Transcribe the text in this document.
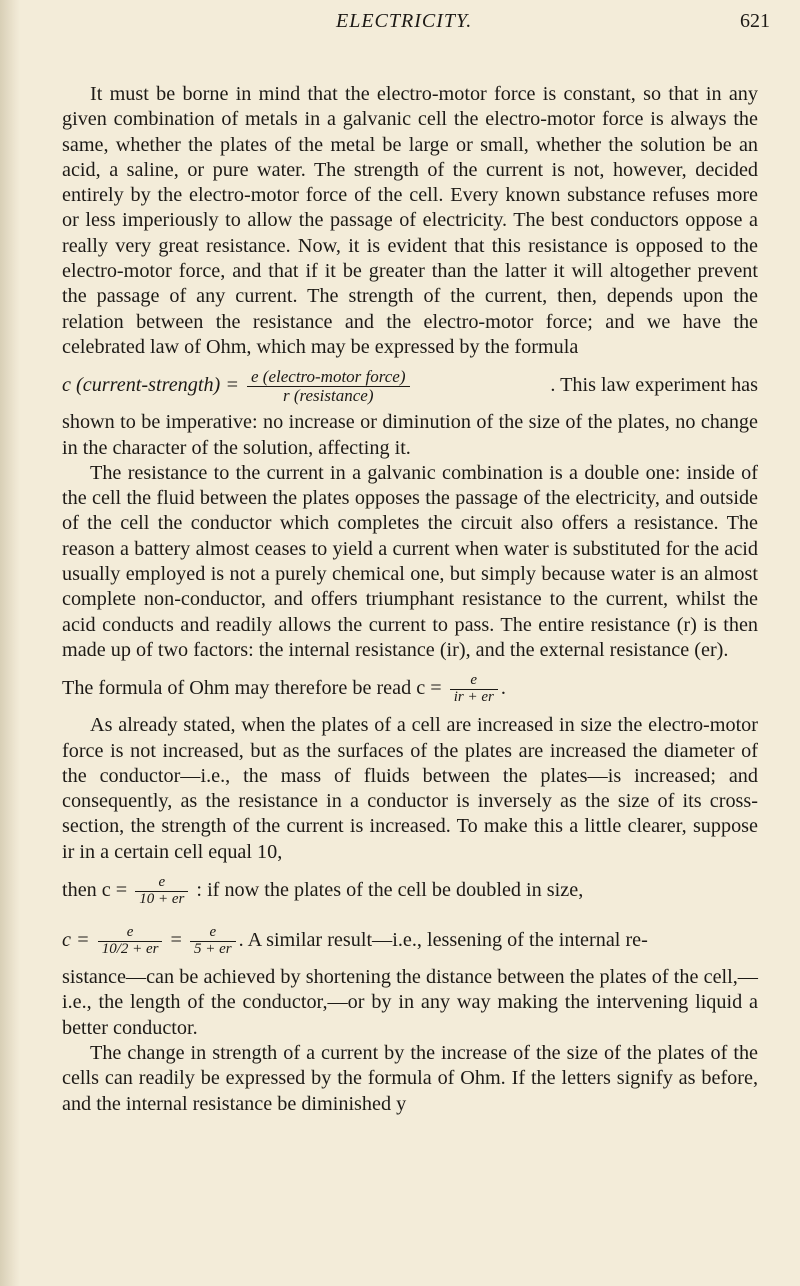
ELECTRICITY.	621

It must be borne in mind that the electro-motor force is constant, so that in any given combination of metals in a galvanic cell the electro-motor force is always the same, whether the plates of the metal be large or small, whether the solution be an acid, a saline, or pure water. The strength of the current is not, however, decided entirely by the electro-motor force of the cell. Every known substance refuses more or less imperiously to allow the passage of electricity. The best conductors oppose a really very great resistance. Now, it is evident that this resistance is opposed to the electro-motor force, and that if it be greater than the latter it will altogether prevent the passage of any current. The strength of the current, then, depends upon the relation between the resistance and the electro-motor force; and we have the celebrated law of Ohm, which may be expressed by the formula

c (current-strength) = $\frac{\text{e (electro-motor force)}}{\text{r (resistance)}}$	. This law experiment has

shown to be imperative: no increase or diminution of the size of the plates, no change in the character of the solution, affecting it.

The resistance to the current in a galvanic combination is a double one: inside of the cell the fluid between the plates opposes the passage of the electricity, and outside of the cell the conductor which completes the circuit also offers a resistance. The reason a battery almost ceases to yield a current when water is substituted for the acid usually employed is not a purely chemical one, but simply because water is an almost complete non-conductor, and offers triumphant resistance to the current, whilst the acid conducts and readily allows the current to pass. The entire resistance (r) is then made up of two factors: the internal resistance (ir), and the external resistance (er).

The formula of Ohm may therefore be read $c = \frac{e}{ir + er}$ .

As already stated, when the plates of a cell are increased in size the electro-motor force is not increased, but as the surfaces of the plates are increased the diameter of the conductor—i.e., the mass of fluids between the plates—is increased; and consequently, as the resistance in a conductor is inversely as the size of its cross-section, the strength of the current is increased. To make this a little clearer, suppose ir in a certain cell equal 10,

then $c = \frac{e}{10 + er}$ : if now the plates of the cell be doubled in size,
$c = \frac{e}{10/2 + er} = \frac{e}{5 + er}$ . A similar result—i.e., lessening of the internal re-

sistance—can be achieved by shortening the distance between the plates of the cell,—i.e., the length of the conductor,—or by in any way making the intervening liquid a better conductor.

The change in strength of a current by the increase of the size of the plates of the cells can readily be expressed by the formula of Ohm. If the letters signify as before, and the internal resistance be diminished y
